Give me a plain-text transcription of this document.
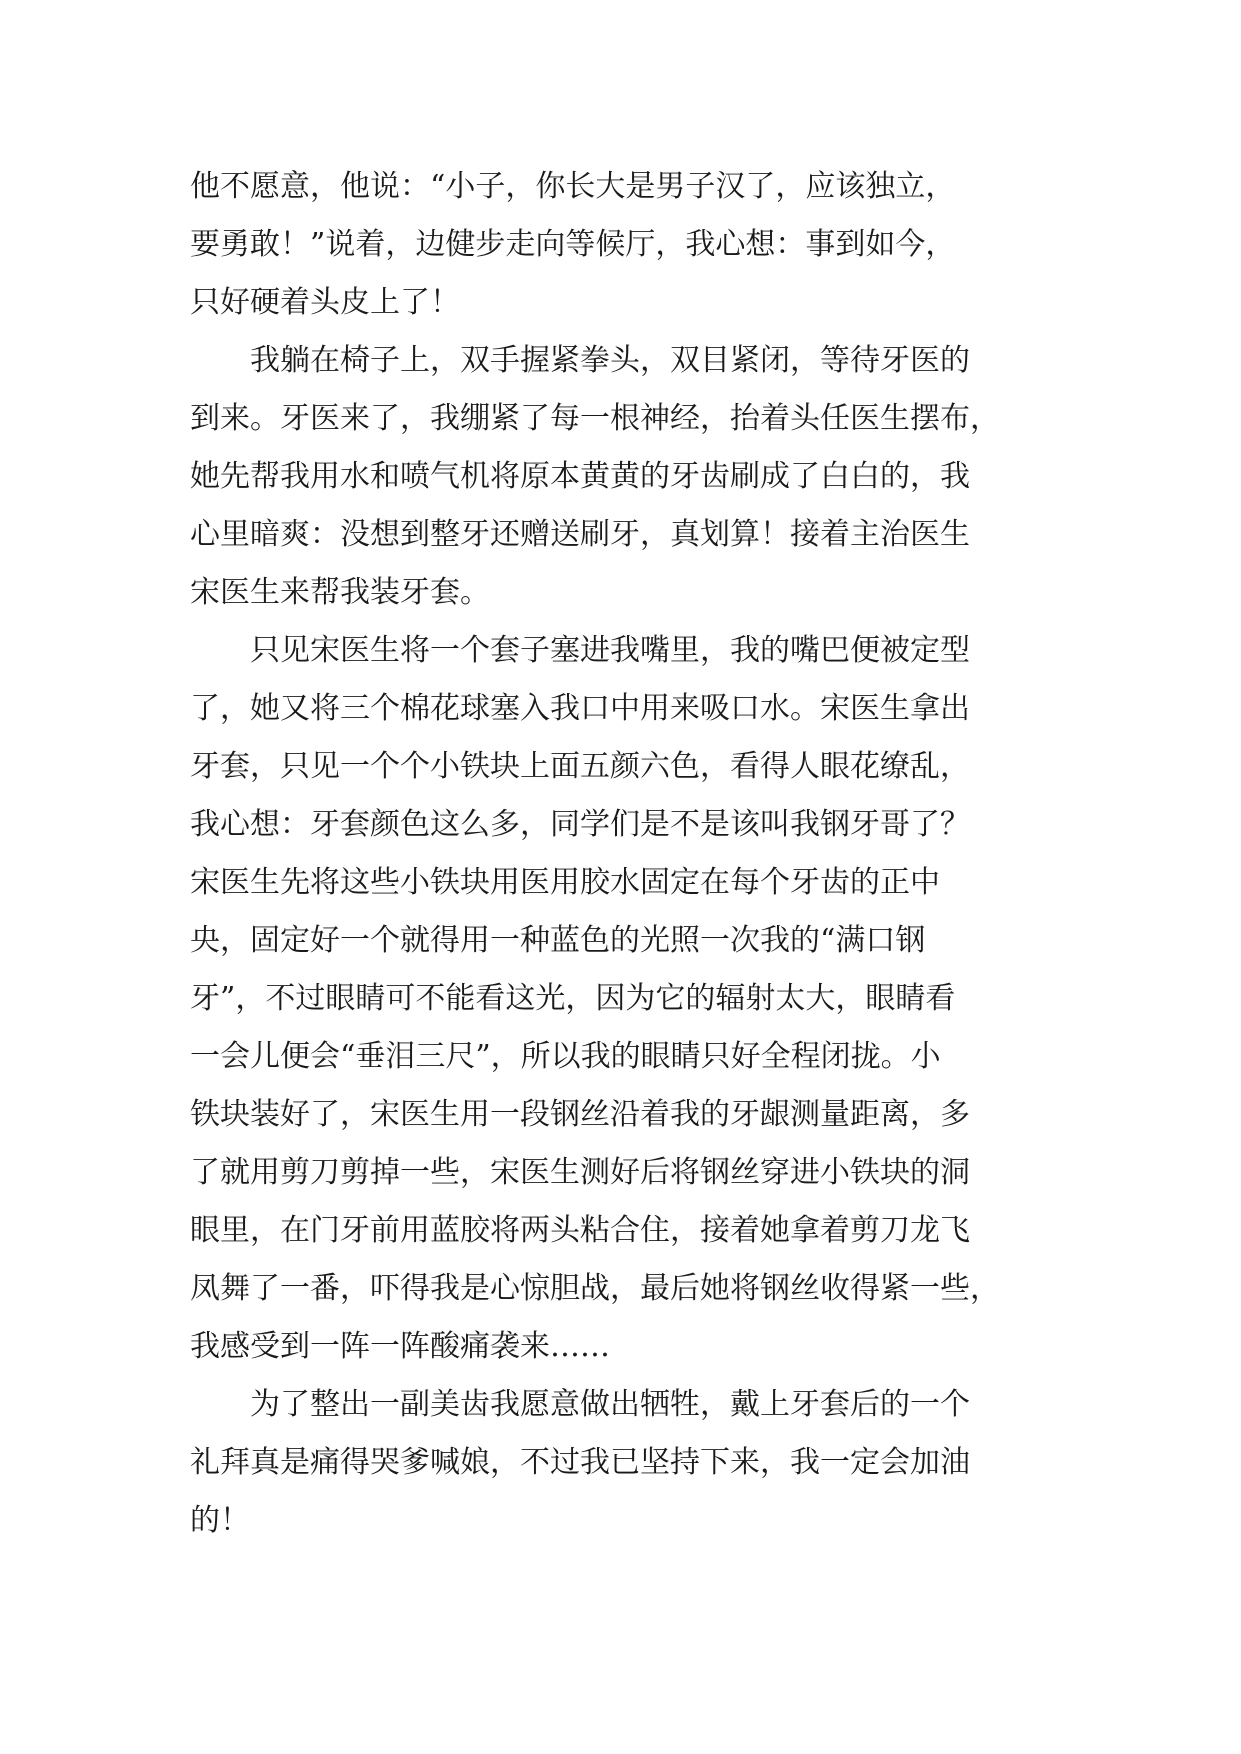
他不愿意，他说：“小子，你长大是男子汉了，应该独立，
要勇敢！”说着，边健步走向等候厅，我心想：事到如今，
只好硬着头皮上了！
我躺在椅子上，双手握紧拳头，双目紧闭，等待牙医的
到来。牙医来了，我绷紧了每一根神经，抬着头任医生摆布，
她先帮我用水和喷气机将原本黄黄的牙齿刷成了白白的，我
心里暗爽：没想到整牙还赠送刷牙，真划算！接着主治医生
宋医生来帮我装牙套。
只见宋医生将一个套子塞进我嘴里，我的嘴巴便被定型
了，她又将三个棉花球塞入我口中用来吸口水。宋医生拿出
牙套，只见一个个小铁块上面五颜六色，看得人眼花缭乱，
我心想：牙套颜色这么多，同学们是不是该叫我钢牙哥了？
宋医生先将这些小铁块用医用胶水固定在每个牙齿的正中
央，固定好一个就得用一种蓝色的光照一次我的“满口钢
牙”，不过眼睛可不能看这光，因为它的辐射太大，眼睛看
一会儿便会“垂泪三尺”，所以我的眼睛只好全程闭拢。小
铁块装好了，宋医生用一段钢丝沿着我的牙龈测量距离，多
了就用剪刀剪掉一些，宋医生测好后将钢丝穿进小铁块的洞
眼里，在门牙前用蓝胶将两头粘合住，接着她拿着剪刀龙飞
凤舞了一番，吓得我是心惊胆战，最后她将钢丝收得紧一些，
我感受到一阵一阵酸痛袭来……
为了整出一副美齿我愿意做出牺牲，戴上牙套后的一个
礼拜真是痛得哭爹喊娘，不过我已坚持下来，我一定会加油
的！
